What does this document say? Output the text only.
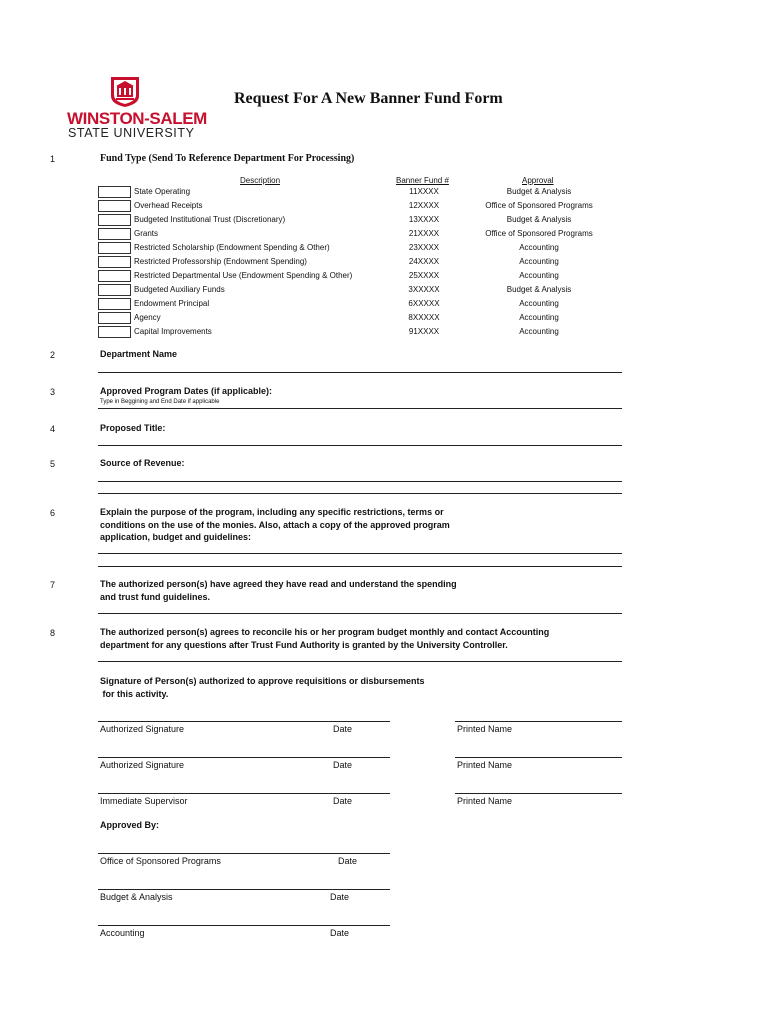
WINSTON-SALEM
STATE UNIVERSITY
Request For A New Banner Fund Form
1	Fund Type (Send To Reference Department For Processing)
Description	Banner Fund #	Approval
State Operating	11XXXX	Budget & Analysis
Overhead Receipts	12XXXX	Office of Sponsored Programs
Budgeted Institutional Trust (Discretionary)	13XXXX	Budget & Analysis
Grants	21XXXX	Office of Sponsored Programs
Restricted Scholarship (Endowment Spending & Other)	23XXXX	Accounting
Restricted Professorship (Endowment Spending)	24XXXX	Accounting
Restricted Departmental Use (Endowment Spending & Other)	25XXXX	Accounting
Budgeted Auxiliary Funds	3XXXXX	Budget & Analysis
Endowment Principal	6XXXXX	Accounting
Agency	8XXXXX	Accounting
Capital Improvements	91XXXX	Accounting
2	Department Name
3	Approved Program Dates (if applicable):
Type in Beggining and End Date if applicable
4	Proposed Title:
5	Source of Revenue:
6	Explain the purpose of the program, including any specific restrictions, terms or
conditions on the use of the monies. Also, attach a copy of the approved program
application, budget and guidelines:
7	The authorized person(s) have agreed they have read and understand the spending
and trust fund guidelines.
8	The authorized person(s) agrees to reconcile his or her program budget monthly and contact Accounting
department for any questions after Trust Fund Authority is granted by the University Controller.
Signature of Person(s) authorized to approve requisitions or disbursements
for this activity.
Authorized Signature	Date	Printed Name
Authorized Signature	Date	Printed Name
Immediate Supervisor	Date	Printed Name
Approved By:
Office of Sponsored Programs	Date
Budget & Analysis	Date
Accounting	Date
